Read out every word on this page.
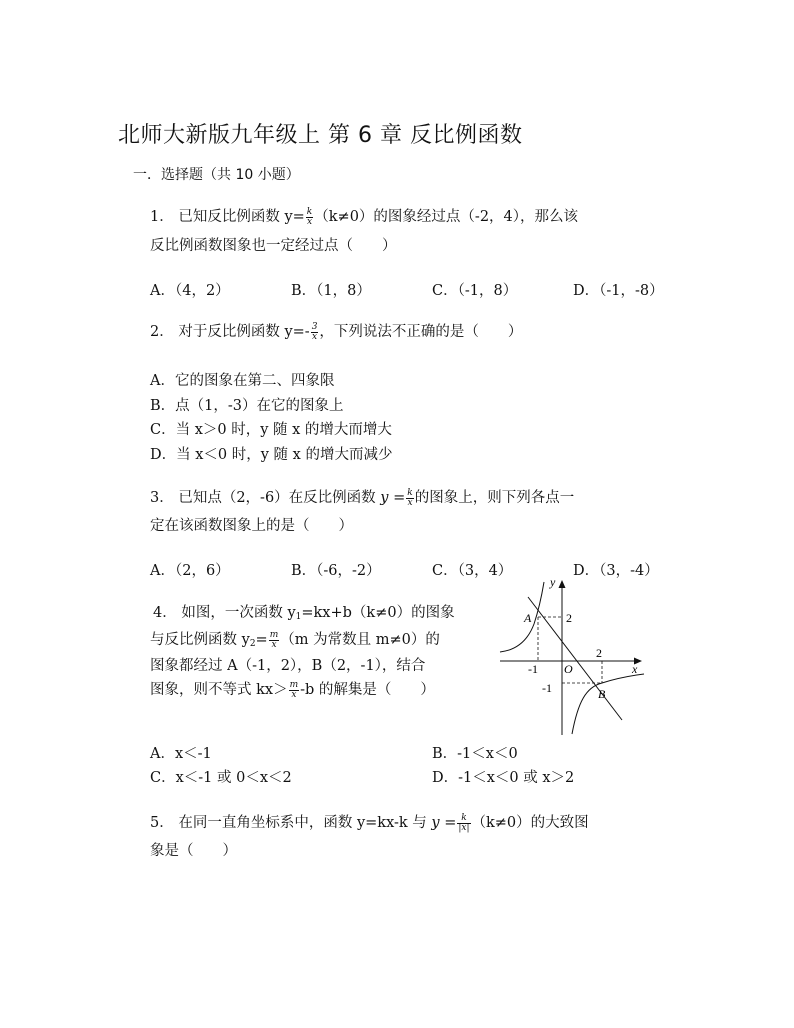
北师大新版九年级上 第 6 章 反比例函数
一．选择题（共 10 小题）
1． 已知反比例函数 $y= \frac{k}{x} (k\ne 0)$的图象经过点（-2，4），那么该
反比例函数图象也一定经过点（　　）
A．（4，2）	B．（1，8）	C．（-1，8）	D．（-1，-8）
2． 对于反比例函数 $y=- \frac{3}{x}$ ，下列说法不正确的是（　　）
A．它的图象在第二、四象限
B．点（1，-3）在它的图象上
C．当 x＞0 时，y 随 x 的增大而增大
D．当 x＜0 时，y 随 x 的增大而减少
3． 已知点（2，-6）在反比例函数 $y = \frac{k}{x}$ 的图象上，则下列各点一
定在该函数图象上的是（　　）
A．（2，6）	B．（-6，-2）	C．（3，4）	D．（3，-4）
4． 如图，一次函数 $y_1=kx+b(k\ne 0)$的图象
与反比例函数 $y_2= \frac{m}{x} (m$ 为常数且 m≠0）的
图象都经过 A（-1，2），B（2，-1），结合
图象，则不等式 $kx> \frac{m}{x} -b$ 的解集是（　　）
y
x
O
2
-1
2
-1
A
B
A．x＜-1	B．-1＜x＜0
C．x＜-1 或 0＜x＜2	D．-1＜x＜0 或 x＞2
5． 在同一直角坐标系中，函数 y=kx-k 与 $y = \frac{k}{|x|} (k\ne 0)$的大致图
象是（　　）
